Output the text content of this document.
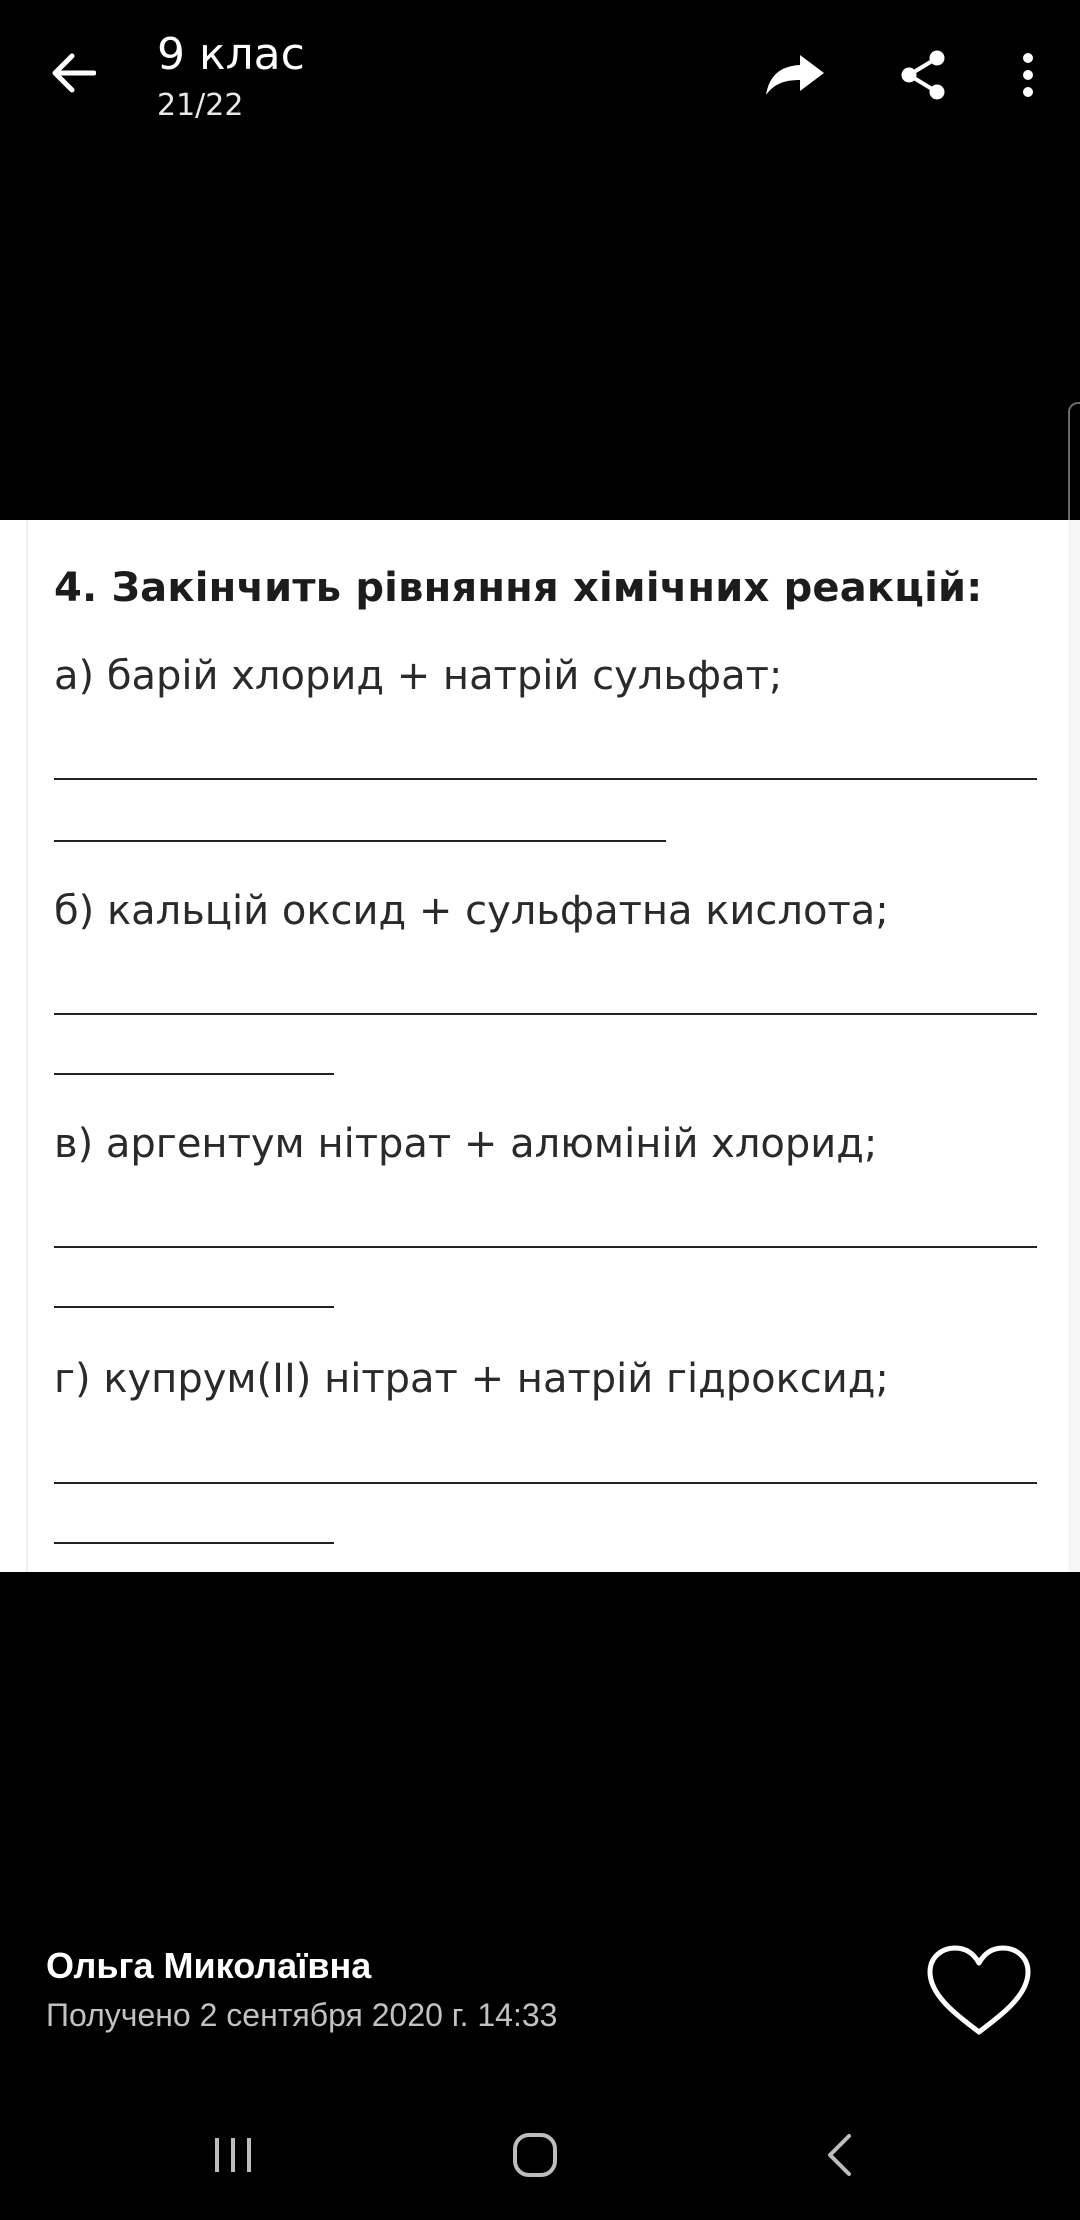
9 клас
21/22
4. Закінчить рівняння хімічних реакцій:
а) барій хлорид + натрій сульфат;
б) кальцій оксид + сульфатна кислота;
в) аргентум нітрат + алюміній хлорид;
г) купрум(ІІ) нітрат + натрій гідроксид;
Ольга Миколаївна
Получено 2 сентября 2020 г. 14:33
